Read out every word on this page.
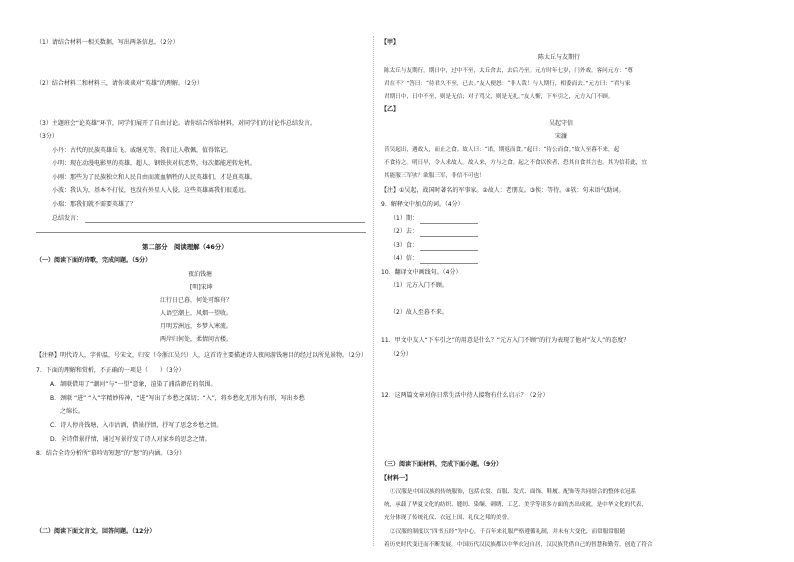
（1）请结合材料一相关数据，写出两条信息。（2分）
（2）结合材料二和材料三，请你谈谈对“英雄”的理解。（2分）
（3）主题班会“论英雄”环节，同学们展开了自由讨论。请你结合所给材料，对同学们的讨论作总结发言。
（3分）
小丹：古代的民族英雄岳飞、戚继光等，我们让人敬佩，值得铭记。
小明：现在动漫电影里的英雄，超人、钢铁侠对抗恶势，每次都能逆转危机。
小刚：那些为了民族独立和人民自由而流血牺牲的人民英雄们，才是真英雄。
小波：我认为，基本不打仗，也没有外星人入侵，这些英雄离我们很遥远。
小瑞：那我们就不需要英雄了？
总结发言：
第二部分　阅读理解（46分）
（一）阅读下面的诗歌，完成问题。（5分）
夜泊钱塘
[明]宋坤
江行日已暮，何处可维舟？
人语空潮上，风烟一望收。
月明芳洲远，乡梦入寒流。
两岸归何处，柔情问古楼。
【注释】明代诗人，字仲温，号宋文，归安（今浙江吴兴）人，这首诗主要描述诗人夜间游钱塘目的经过以所见景物。（2分）
7．下面的理解和赏析，不正确的一项是（　　）（3分）
A．颔联借用了“潮河”与“一望”意象，渲染了浦浩渺茫的氛围。
B．颈联 “进” “入”字精妙传神，“进”写出了乡愁之深切；“入”，将乡愁化无形为有形，写出乡愁
之绵长。
C．诗人停舟钱塘，入市沽酒，借景抒情，抒写了思念乡愁之情。
D．全诗借景抒情，通过写景抒发了诗人对家乡的思念之情。
8．结合全诗分析所“慕吟寄短怒”的“怒”的内涵。（3分）
（二）阅读下面文言文，回答问题。（12分）
【甲】
陈太丘与友期行
陈太丘与友期行，期日中，过中不至，太丘舍去，去后乃至。元方时年七岁，门外戏。客问元方：“尊
君在不？”答曰：“待君久不至，已去。”友人便怒：“非人哉！与人期行，相委而去。”元方曰：“君与家
君期日中，日中不至，则是无信；对子骂父，则是无礼。”友人惭，下车引之，元方入门不顾。
【乙】
吴起守信
宋濂
昔吴起出，遇故人，而止之食。故人曰：“诺，期返而食。”起曰：“待公而食。”故人至暮不来，起
不食待之。明日早，令人求故人。故人来，方与之食。起之不食以俟者，恐其自食其言也。其为信若此，宜
其能服三军欤？欲服三军，非信不可也！
【注】①吴起，战国时著名的军事家。②故人：老朋友。③俟：等待。④欤：句末语气助词。
9．解释文中加点的词。（4分）
（1）期：
（2）去：
（3）食：
（4）信：
10．翻译文中画线句。（4分）
（1）元方入门不顾。
（2）故人至暮不来。
11．甲文中友人“下车引之”的用意是什么？“元方入门不顾”的行为表现了他对“友人”的态度？
（2分）
12．这两篇文章对你日常生活中待人接物有什么启示？（2分）
（三）阅读下面材料，完成下面小题。（9分）
【材料一】
①汉服是中国汉族的传统服饰，包括衣裳、首服、发式、面饰、鞋履、配饰等共同组合的整体衣冠系
统，承载了华夏文化的纺织、缝纫、染缬、刺绣、工艺、美学等诸多方面的杰出成就，是中华文化的代表，
充分体现了传统礼仪、衣冠上国、礼仪之邦的美誉。
②汉服的制度以“四书五经”为中心，千百年来礼服严格遵循礼制，并未有大变化，而常服常服随
着历史时代变迁而不断发展。中国历代汉民族都以中华衣冠自居，汉民族凭借自己的智慧和勤劳，创造了符合
